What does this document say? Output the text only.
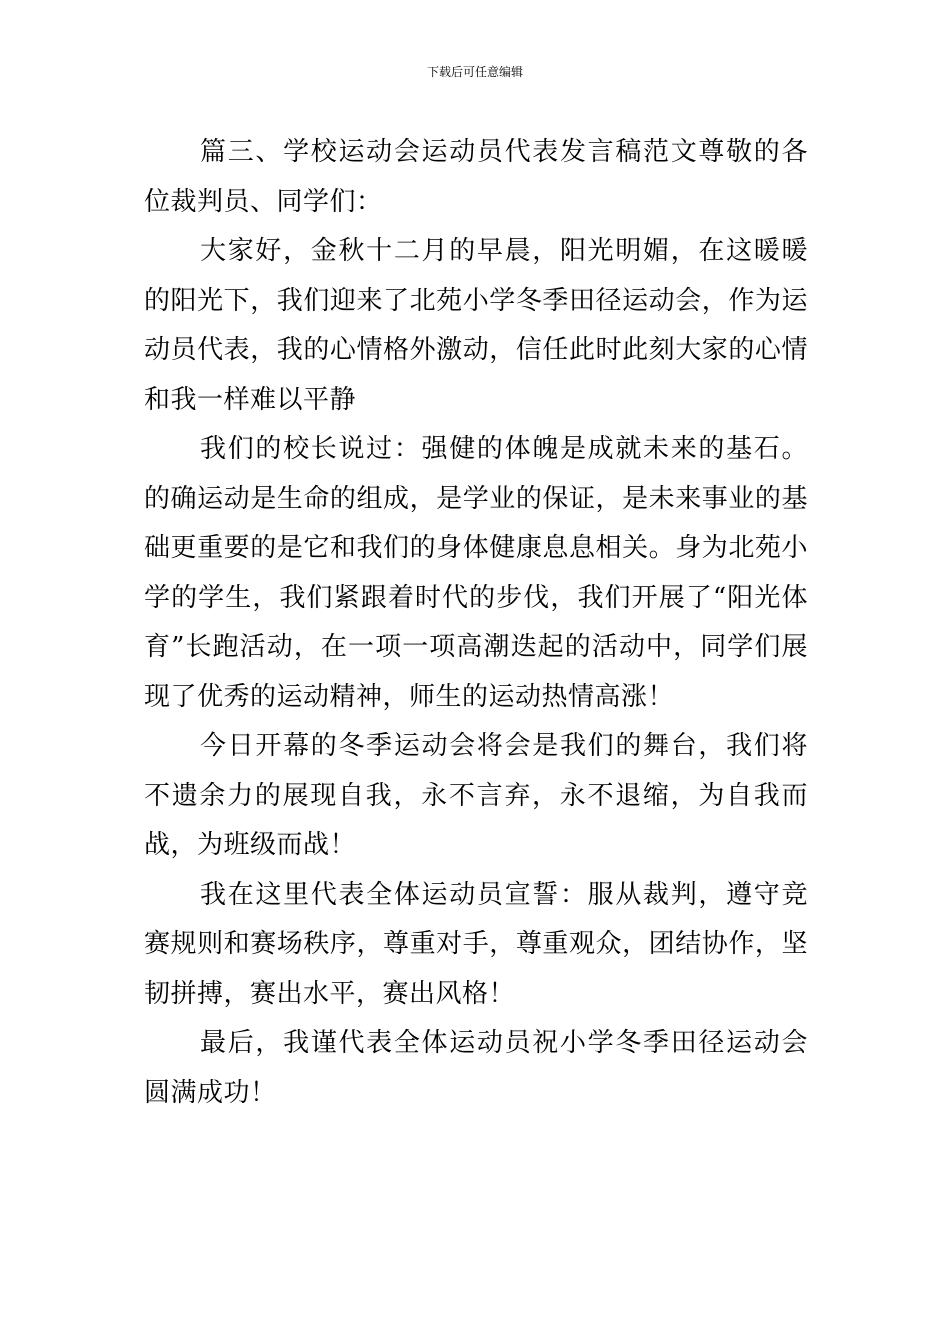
下载后可任意编辑

篇三、学校运动会运动员代表发言稿范文尊敬的各位裁判员、同学们：

大家好，金秋十二月的早晨，阳光明媚，在这暖暖的阳光下，我们迎来了北苑小学冬季田径运动会，作为运动员代表，我的心情格外激动，信任此时此刻大家的心情和我一样难以平静

我们的校长说过：强健的体魄是成就未来的基石。的确运动是生命的组成，是学业的保证，是未来事业的基础更重要的是它和我们的身体健康息息相关。身为北苑小学的学生，我们紧跟着时代的步伐，我们开展了“阳光体育”长跑活动，在一项一项高潮迭起的活动中，同学们展现了优秀的运动精神，师生的运动热情高涨！

今日开幕的冬季运动会将会是我们的舞台，我们将不遗余力的展现自我，永不言弃，永不退缩，为自我而战，为班级而战！

我在这里代表全体运动员宣誓：服从裁判，遵守竞赛规则和赛场秩序，尊重对手，尊重观众，团结协作，坚韧拼搏，赛出水平，赛出风格！

最后，我谨代表全体运动员祝小学冬季田径运动会圆满成功！
